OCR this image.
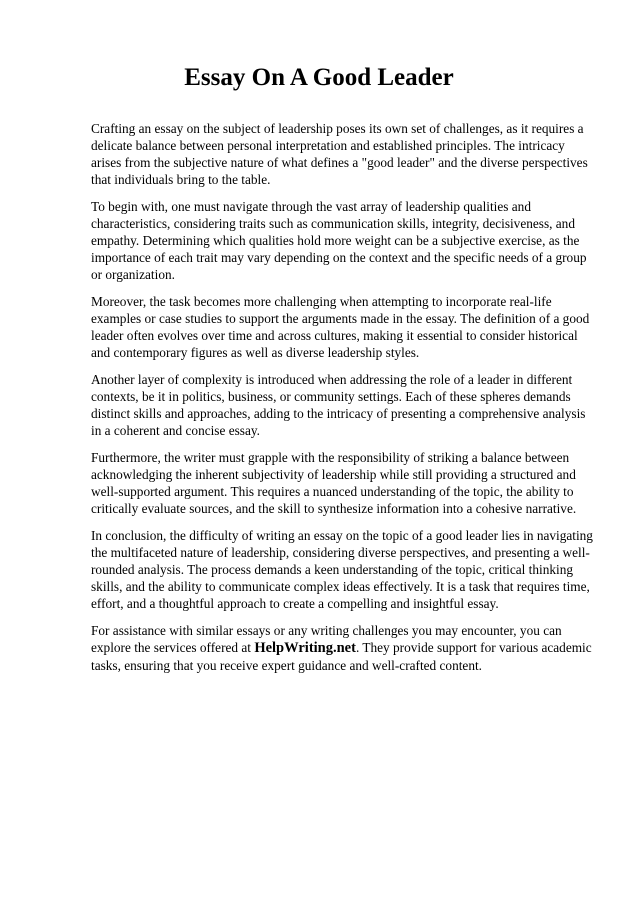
Essay On A Good Leader

Crafting an essay on the subject of leadership poses its own set of challenges, as it requires a delicate balance between personal interpretation and established principles. The intricacy arises from the subjective nature of what defines a "good leader" and the diverse perspectives that individuals bring to the table.

To begin with, one must navigate through the vast array of leadership qualities and characteristics, considering traits such as communication skills, integrity, decisiveness, and empathy. Determining which qualities hold more weight can be a subjective exercise, as the importance of each trait may vary depending on the context and the specific needs of a group or organization.

Moreover, the task becomes more challenging when attempting to incorporate real-life examples or case studies to support the arguments made in the essay. The definition of a good leader often evolves over time and across cultures, making it essential to consider historical and contemporary figures as well as diverse leadership styles.

Another layer of complexity is introduced when addressing the role of a leader in different contexts, be it in politics, business, or community settings. Each of these spheres demands distinct skills and approaches, adding to the intricacy of presenting a comprehensive analysis in a coherent and concise essay.

Furthermore, the writer must grapple with the responsibility of striking a balance between acknowledging the inherent subjectivity of leadership while still providing a structured and well-supported argument. This requires a nuanced understanding of the topic, the ability to critically evaluate sources, and the skill to synthesize information into a cohesive narrative.

In conclusion, the difficulty of writing an essay on the topic of a good leader lies in navigating the multifaceted nature of leadership, considering diverse perspectives, and presenting a well-rounded analysis. The process demands a keen understanding of the topic, critical thinking skills, and the ability to communicate complex ideas effectively. It is a task that requires time, effort, and a thoughtful approach to create a compelling and insightful essay.

For assistance with similar essays or any writing challenges you may encounter, you can explore the services offered at HelpWriting.net. They provide support for various academic tasks, ensuring that you receive expert guidance and well-crafted content.
